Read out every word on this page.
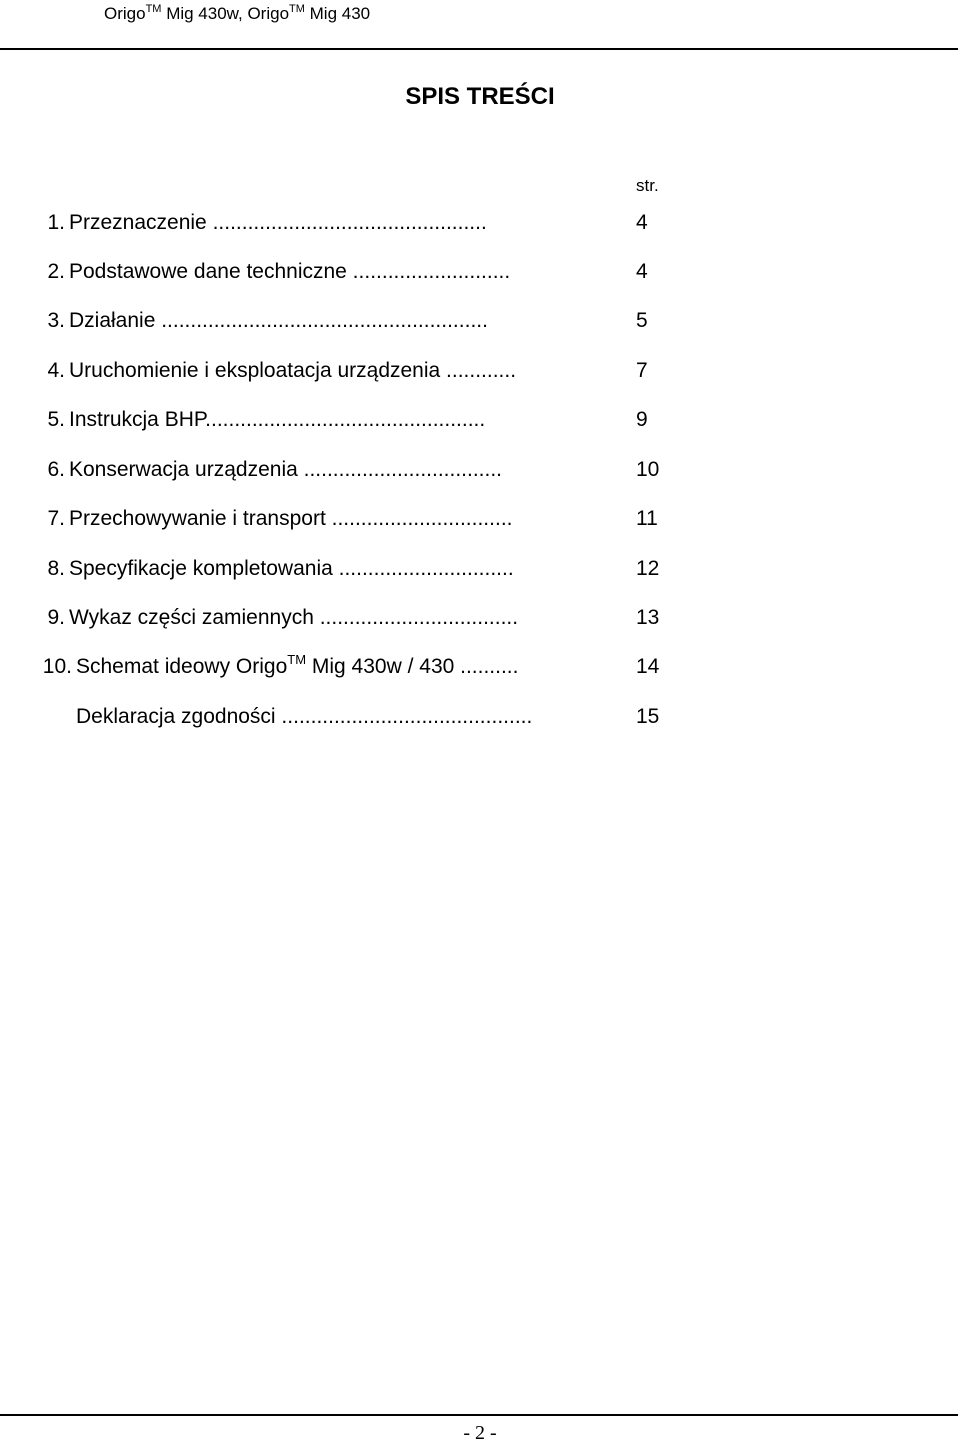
Origo™ Mig 430w, Origo™ Mig 430
SPIS TREŚCI
str.
1. Przeznaczenie ...............................................	4
2. Podstawowe dane techniczne ...........................	4
3. Działanie ........................................................	5
4. Uruchomienie i eksploatacja urządzenia ............	7
5. Instrukcja BHP................................................	9
6. Konserwacja urządzenia ..................................	10
7. Przechowywanie i transport ...............................	11
8. Specyfikacje kompletowania ..............................	12
9. Wykaz części zamiennych ..................................	13
10. Schemat ideowy Origo™ Mig 430w / 430 ..........	14
Deklaracja zgodności ...........................................	15
- 2 -
